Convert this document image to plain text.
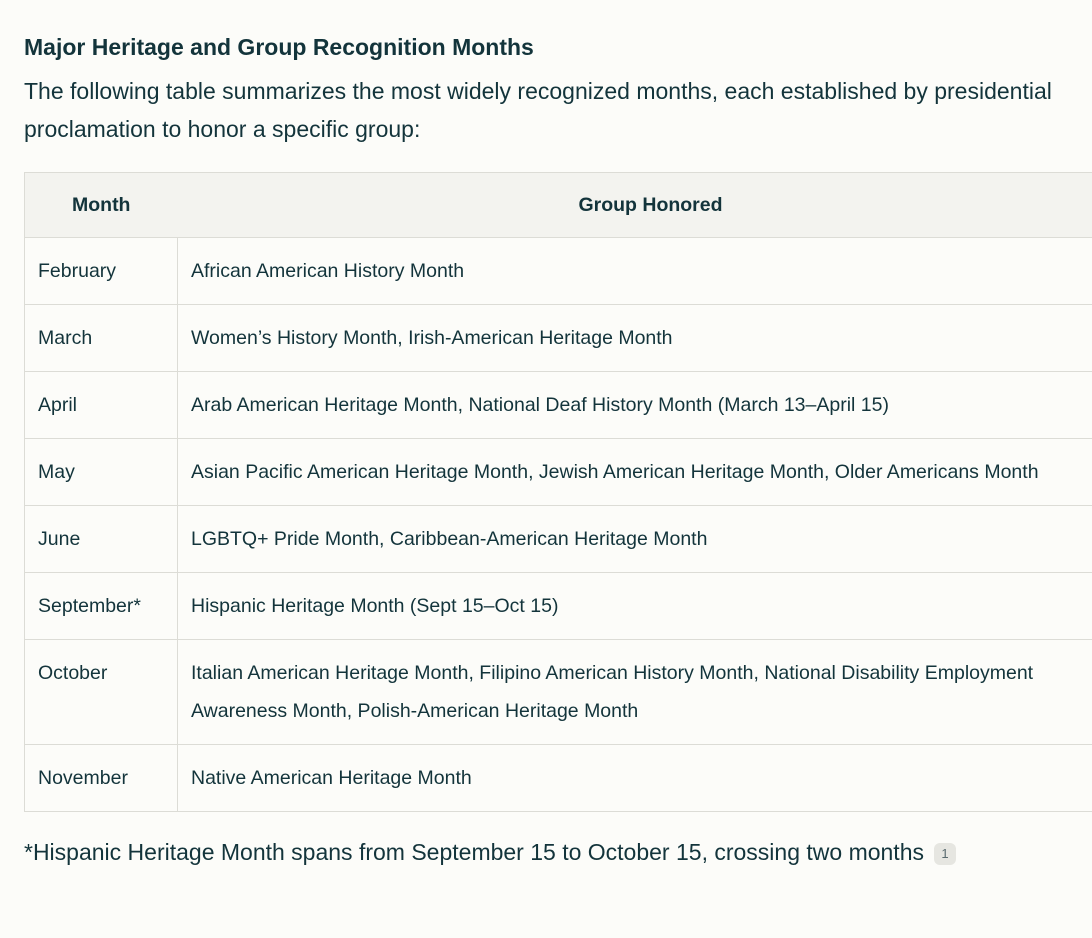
Major Heritage and Group Recognition Months

The following table summarizes the most widely recognized months, each established by presidential proclamation to honor a specific group:

Month	Group Honored
February	African American History Month
March	Women’s History Month, Irish-American Heritage Month
April	Arab American Heritage Month, National Deaf History Month (March 13–April 15)
May	Asian Pacific American Heritage Month, Jewish American Heritage Month, Older Americans Month
June	LGBTQ+ Pride Month, Caribbean-American Heritage Month
September*	Hispanic Heritage Month (Sept 15–Oct 15)
October	Italian American Heritage Month, Filipino American History Month, National Disability Employment Awareness Month, Polish-American Heritage Month
November	Native American Heritage Month

*Hispanic Heritage Month spans from September 15 to October 15, crossing two months 1
